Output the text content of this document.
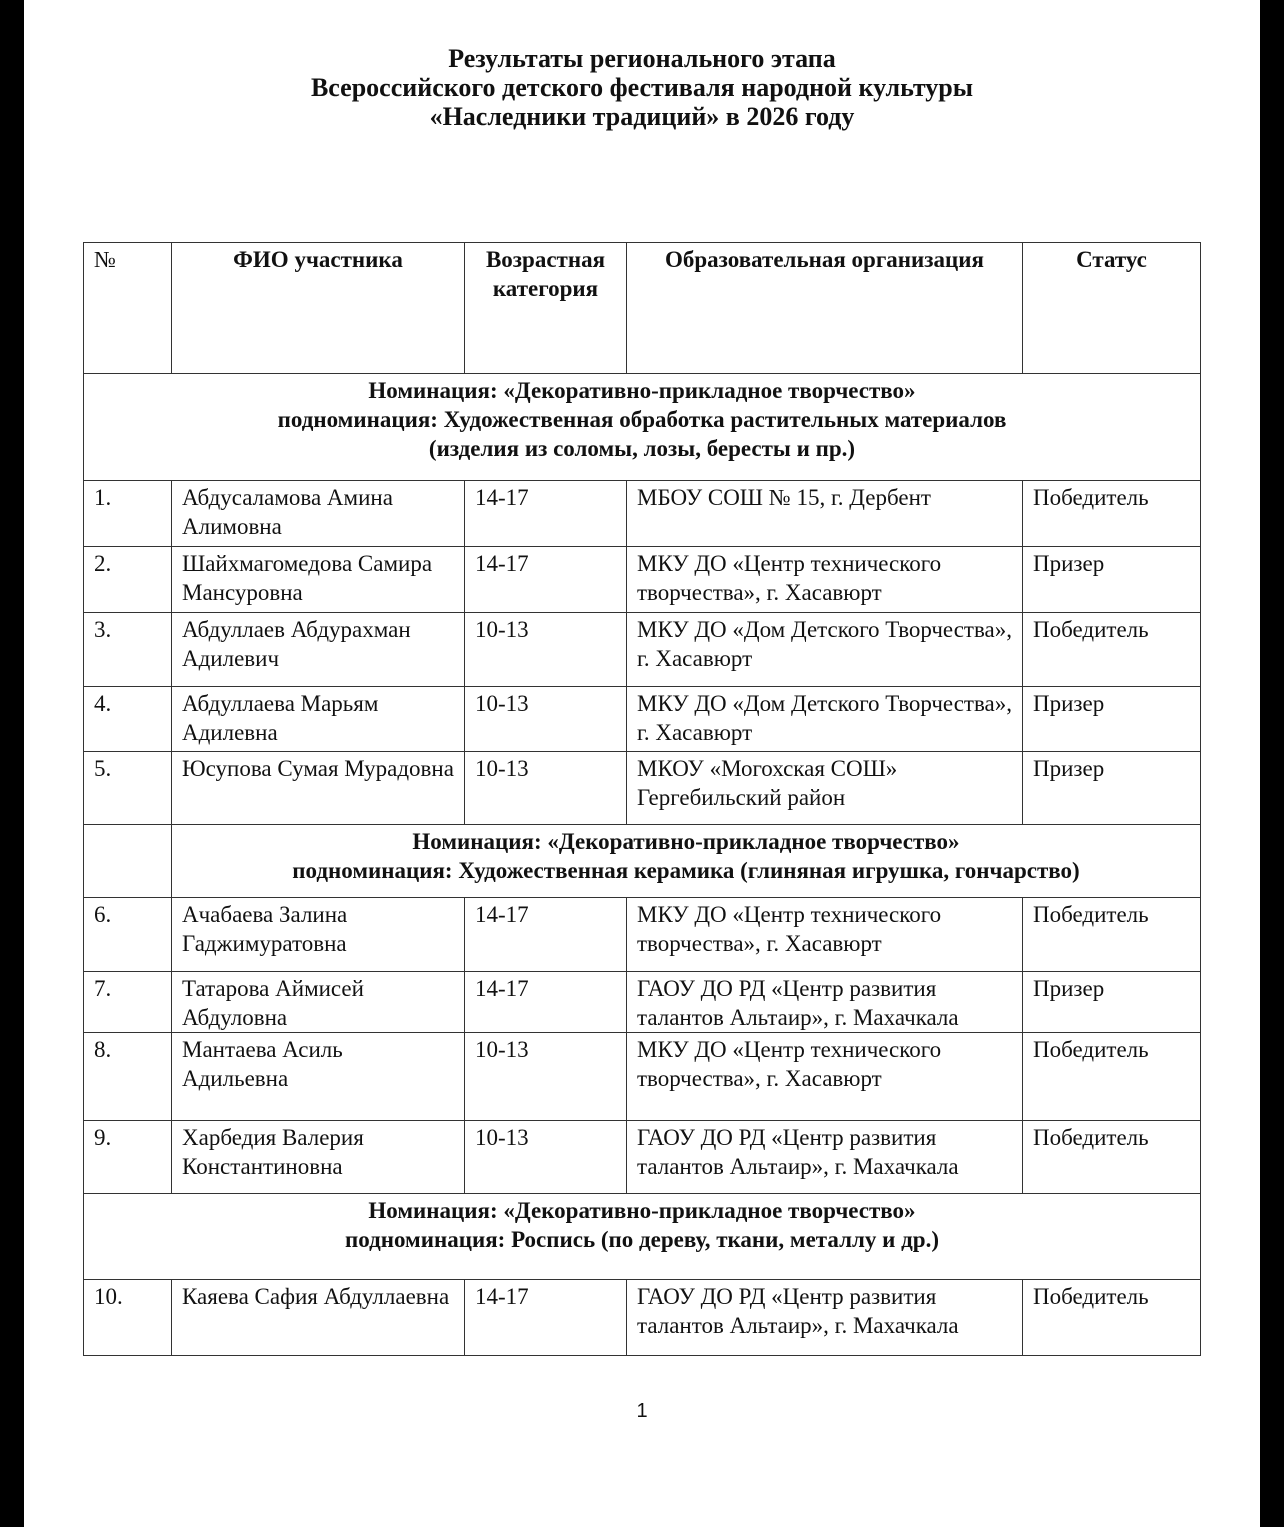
Результаты регионального этапа
Всероссийского детского фестиваля народной культуры
«Наследники традиций» в 2026 году
№	ФИО участника	Возрастная категория	Образовательная организация	Статус

Номинация: «Декоративно-прикладное творчество»
подноминация: Художественная обработка растительных материалов
(изделия из соломы, лозы, бересты и пр.)				

1.	Абдусаламова Амина Алимовна	14-17	МБОУ СОШ № 15, г. Дербент	Победитель
2.	Шайхмагомедова Самира Мансуровна	14-17	МКУ ДО «Центр технического творчества», г. Хасавюрт	Призер
3.	Абдуллаев Абдурахман Адилевич	10-13	МКУ ДО «Дом Детского Творчества», г. Хасавюрт	Победитель
4.	Абдуллаева Марьям Адилевна	10-13	МКУ ДО «Дом Детского Творчества», г. Хасавюрт	Призер
5.	Юсупова Сумая Мурадовна	10-13	МКОУ «Могохская СОШ» Гергебильский район	Призер

	Номинация: «Декоративно-прикладное творчество»
подноминация: Художественная керамика (глиняная игрушка, гончарство)			

6.	Ачабаева Залина Гаджимуратовна	14-17	МКУ ДО «Центр технического творчества», г. Хасавюрт	Победитель
7.	Татарова Аймисей Абдуловна	14-17	ГАОУ ДО РД «Центр развития талантов Альтаир», г. Махачкала	Призер
8.	Мантаева Асиль Адильевна	10-13	МКУ ДО «Центр технического творчества», г. Хасавюрт	Победитель
9.	Харбедия Валерия Константиновна	10-13	ГАОУ ДО РД «Центр развития талантов Альтаир», г. Махачкала	Победитель

Номинация: «Декоративно-прикладное творчество»
подноминация: Роспись (по дереву, ткани, металлу и др.)				

10.	Каяева Сафия Абдуллаевна	14-17	ГАОУ ДО РД «Центр развития талантов Альтаир», г. Махачкала	Победитель
1
